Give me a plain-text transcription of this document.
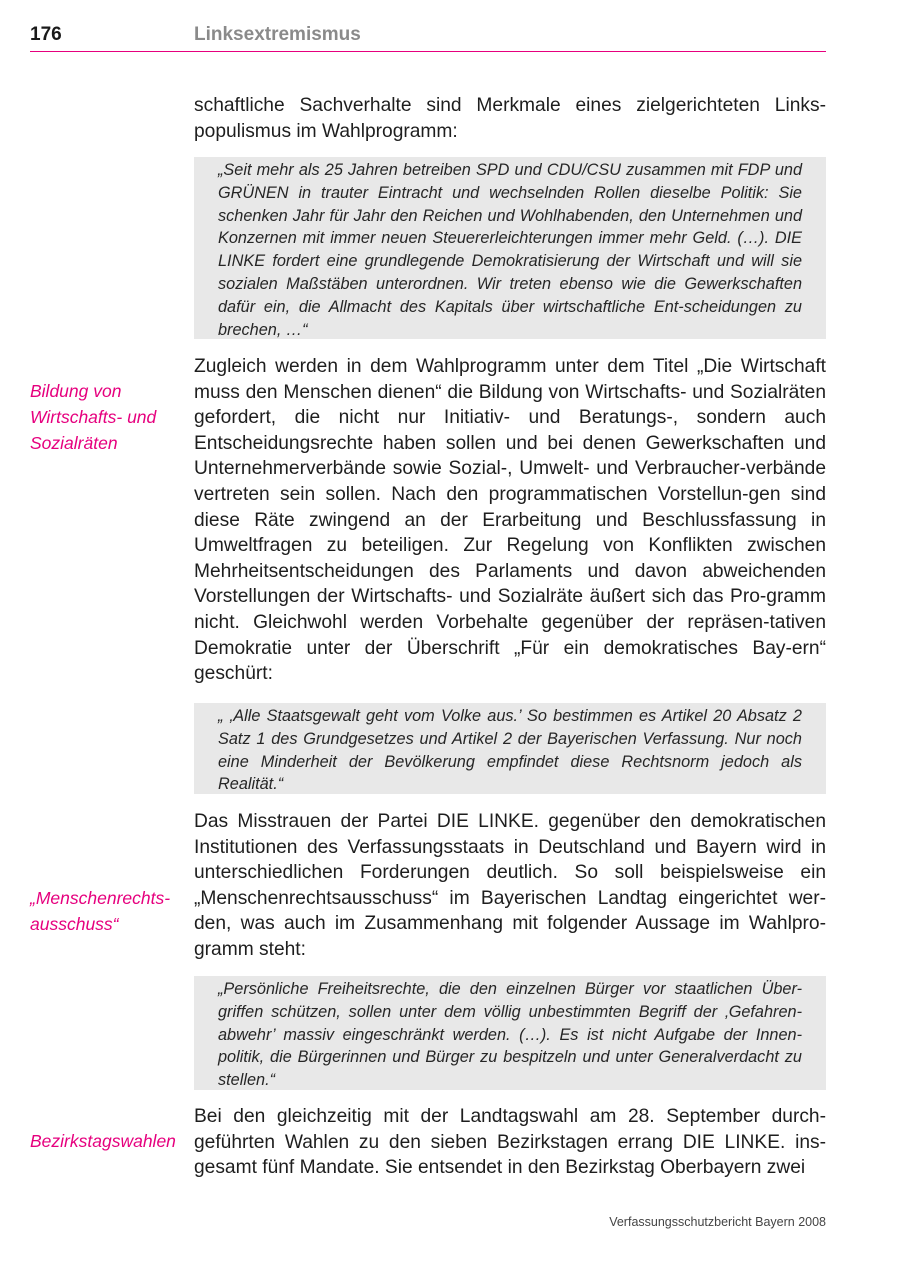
176	Linksextremismus
Bildung von Wirtschafts- und Sozialräten
„Menschenrechts-ausschuss“
Bezirkstagswahlen

schaftliche Sachverhalte sind Merkmale eines zielgerichteten Links-populismus im Wahlprogramm:

„Seit mehr als 25 Jahren betreiben SPD und CDU/CSU zusammen mit FDP und GRÜNEN in trauter Eintracht und wechselnden Rollen dieselbe Politik: Sie schenken Jahr für Jahr den Reichen und Wohlhabenden, den Unternehmen und Konzernen mit immer neuen Steuererleichterungen immer mehr Geld. (…). DIE LINKE fordert eine grundlegende Demokratisierung der Wirtschaft und will sie sozialen Maßstäben unterordnen. Wir treten ebenso wie die Gewerkschaften dafür ein, die Allmacht des Kapitals über wirtschaftliche Ent-scheidungen zu brechen, …“

Zugleich werden in dem Wahlprogramm unter dem Titel „Die Wirtschaft muss den Menschen dienen“ die Bildung von Wirtschafts- und Sozialräten gefordert, die nicht nur Initiativ- und Beratungs-, sondern auch Entscheidungsrechte haben sollen und bei denen Gewerkschaften und Unternehmerverbände sowie Sozial-, Umwelt- und Verbraucher-verbände vertreten sein sollen. Nach den programmatischen Vorstellun-gen sind diese Räte zwingend an der Erarbeitung und Beschlussfassung in Umweltfragen zu beteiligen. Zur Regelung von Konflikten zwischen Mehrheitsentscheidungen des Parlaments und davon abweichenden Vorstellungen der Wirtschafts- und Sozialräte äußert sich das Pro-gramm nicht. Gleichwohl werden Vorbehalte gegenüber der repräsen-tativen Demokratie unter der Überschrift „Für ein demokratisches Bay-ern“ geschürt:

„ ‚Alle Staatsgewalt geht vom Volke aus.’ So bestimmen es Artikel 20 Absatz 2 Satz 1 des Grundgesetzes und Artikel 2 der Bayerischen Verfassung. Nur noch eine Minderheit der Bevölkerung empfindet diese Rechtsnorm jedoch als Realität.“

Das Misstrauen der Partei DIE LINKE. gegenüber den demokratischen Institutionen des Verfassungsstaats in Deutschland und Bayern wird in unterschiedlichen Forderungen deutlich. So soll beispielsweise ein „Menschenrechtsausschuss“ im Bayerischen Landtag eingerichtet wer-den, was auch im Zusammenhang mit folgender Aussage im Wahlpro-gramm steht:

„Persönliche Freiheitsrechte, die den einzelnen Bürger vor staatlichen Über-griffen schützen, sollen unter dem völlig unbestimmten Begriff der ‚Gefahren-abwehr’ massiv eingeschränkt werden. (…). Es ist nicht Aufgabe der Innen-politik, die Bürgerinnen und Bürger zu bespitzeln und unter Generalverdacht zu stellen.“

Bei den gleichzeitig mit der Landtagswahl am 28. September durch-geführten Wahlen zu den sieben Bezirkstagen errang DIE LINKE. ins-gesamt fünf Mandate. Sie entsendet in den Bezirkstag Oberbayern zwei

Verfassungsschutzbericht Bayern 2008
